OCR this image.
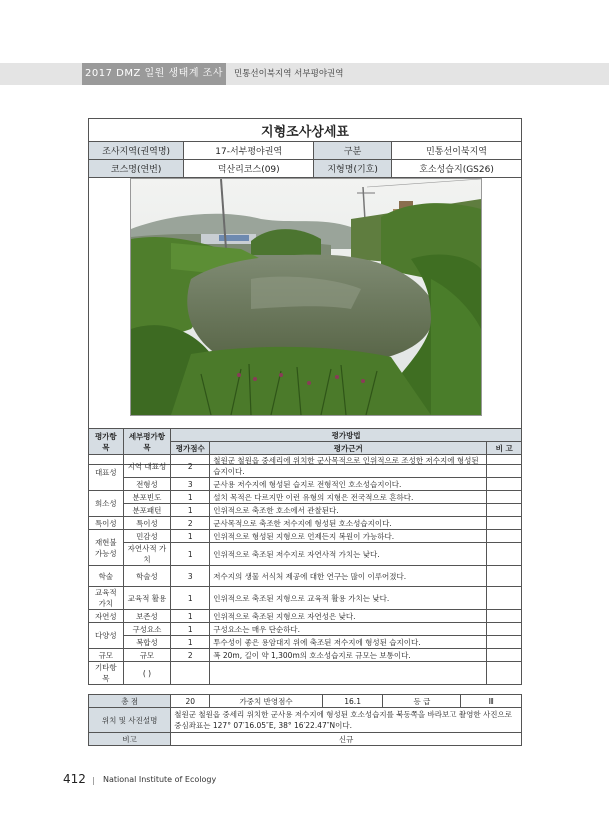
2017 DMZ 일원 생태계 조사	민통선이북지역 서부평야권역
지형조사상세표			
조사지역(권역명)	17-서부평야권역	구분	민통선이북지역
코스명(연번)	덕산리코스(09)	지형명(기호)	호소성습지(GS26)

평가항목	세부평가항목	평가방법		
		평가점수	평가근거	비 고
대표성	지역 대표성	2	철원군 철원읍 중세리에 위치한 군사목적으로 인위적으로 조성한 저수지에 형성된 습지이다.	
	전형성	3	군사용 저수지에 형성된 습지로 전형적인 호소성습지이다.	
희소성	분포빈도	1	설치 목적은 다르지만 이런 유형의 지형은 전국적으로 흔하다.	
	분포패턴	1	인위적으로 축조한 호소에서 관찰된다.	
특이성	특이성	2	군사목적으로 축조한 저수지에 형성된 호소성습지이다.	
재현불가능성	민감성	1	인위적으로 형성된 지형으로 언제든지 복원이 가능하다.	
	자연사적 가치	1	인위적으로 축조된 저수지로 자연사적 가치는 낮다.	
학술	학술성	3	저수지의 생물 서식처 제공에 대한 연구는 많이 이루어졌다.	
교육적가치	교육적 활용	1	인위적으로 축조된 지형으로 교육적 활용 가치는 낮다.	
자연성	보존성	1	인위적으로 축조된 지형으로 자연성은 낮다.	
다양성	구성요소	1	구성요소는 매우 단순하다.	
	복합성	1	투수성이 좋은 용암대지 위에 축조된 저수지에 형성된 습지이다.	
규모	규모	2	폭 20m, 길이 약 1,300m의 호소성습지로 규모는 보통이다.	
기타항목	( )			
총 점	20	가중치 반영점수	16.1	등 급	Ⅲ
위치 및 사진설명	철원군 철원읍 중세리 위치한 군사용 저수지에 형성된 호소성습지를 북동쪽을 바라보고 촬영한 사진으로 중심좌표는 127° 07′16.05″E, 38° 16′22.47″N이다.				
비고	신규				
412 | National Institute of Ecology
